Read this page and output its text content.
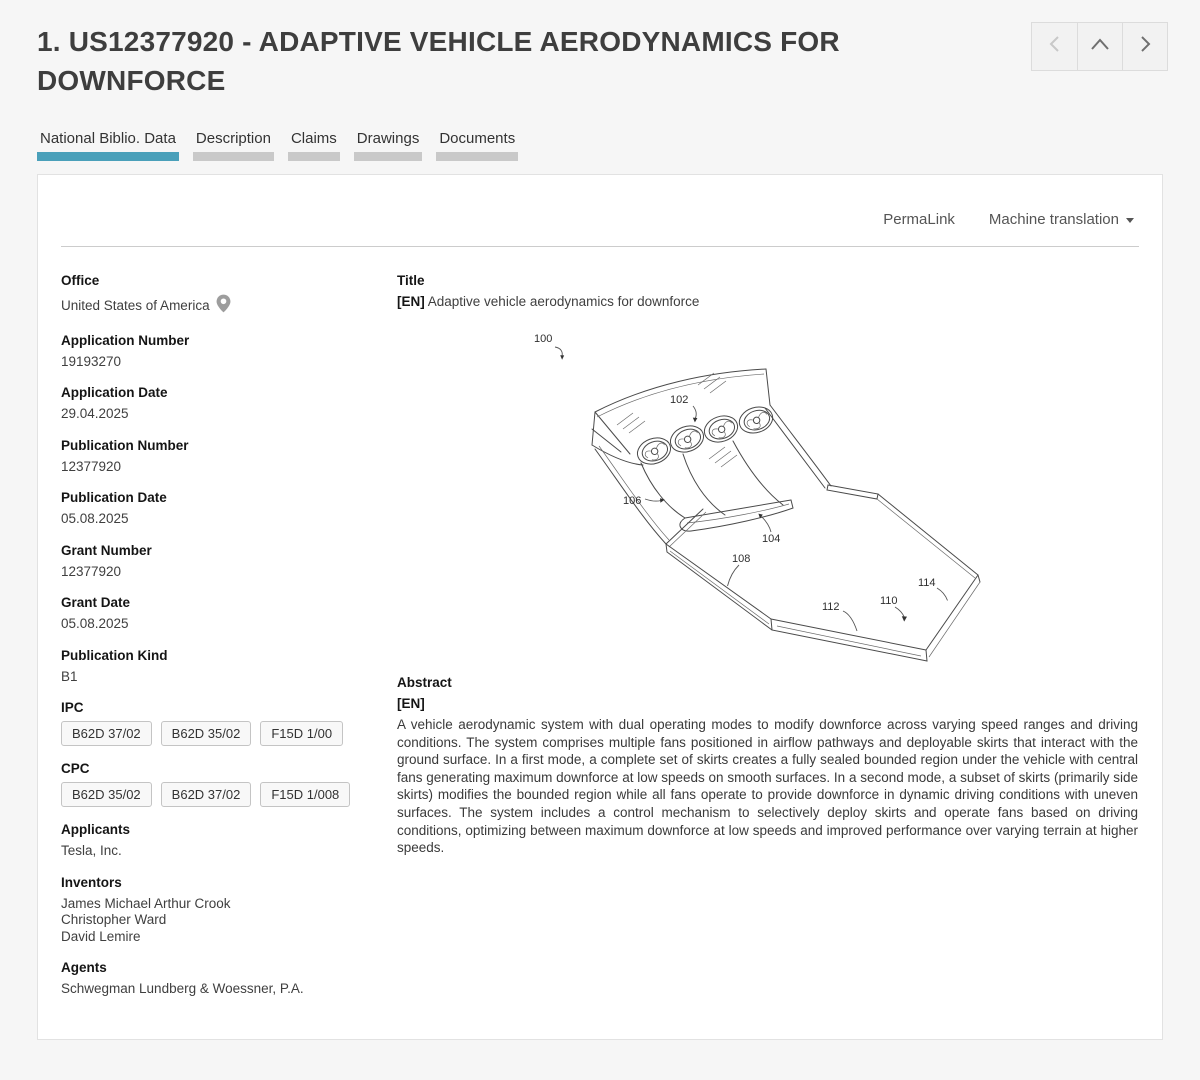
1. US12377920 - ADAPTIVE VEHICLE AERODYNAMICS FOR DOWNFORCE
National Biblio. Data Description Claims Drawings Documents
PermaLink Machine translation
Office
United States of America
Application Number
19193270
Application Date
29.04.2025
Publication Number
12377920
Publication Date
05.08.2025
Grant Number
12377920
Grant Date
05.08.2025
Publication Kind
B1
IPC
B62D 37/02	B62D 35/02	F15D 1/00
CPC
B62D 35/02	B62D 37/02	F15D 1/008
Applicants
Tesla, Inc.
Inventors
James Michael Arthur Crook
Christopher Ward
David Lemire
Agents
Schwegman Lundberg & Woessner, P.A.
Title
[EN] Adaptive vehicle aerodynamics for downforce
100
102
104
106
108
110
112
114
Abstract
[EN]
A vehicle aerodynamic system with dual operating modes to modify downforce across varying speed ranges and driving conditions. The system comprises multiple fans positioned in airflow pathways and deployable skirts that interact with the ground surface. In a first mode, a complete set of skirts creates a fully sealed bounded region under the vehicle with central fans generating maximum downforce at low speeds on smooth surfaces. In a second mode, a subset of skirts (primarily side skirts) modifies the bounded region while all fans operate to provide downforce in dynamic driving conditions with uneven surfaces. The system includes a control mechanism to selectively deploy skirts and operate fans based on driving conditions, optimizing between maximum downforce at low speeds and improved performance over varying terrain at higher speeds.
